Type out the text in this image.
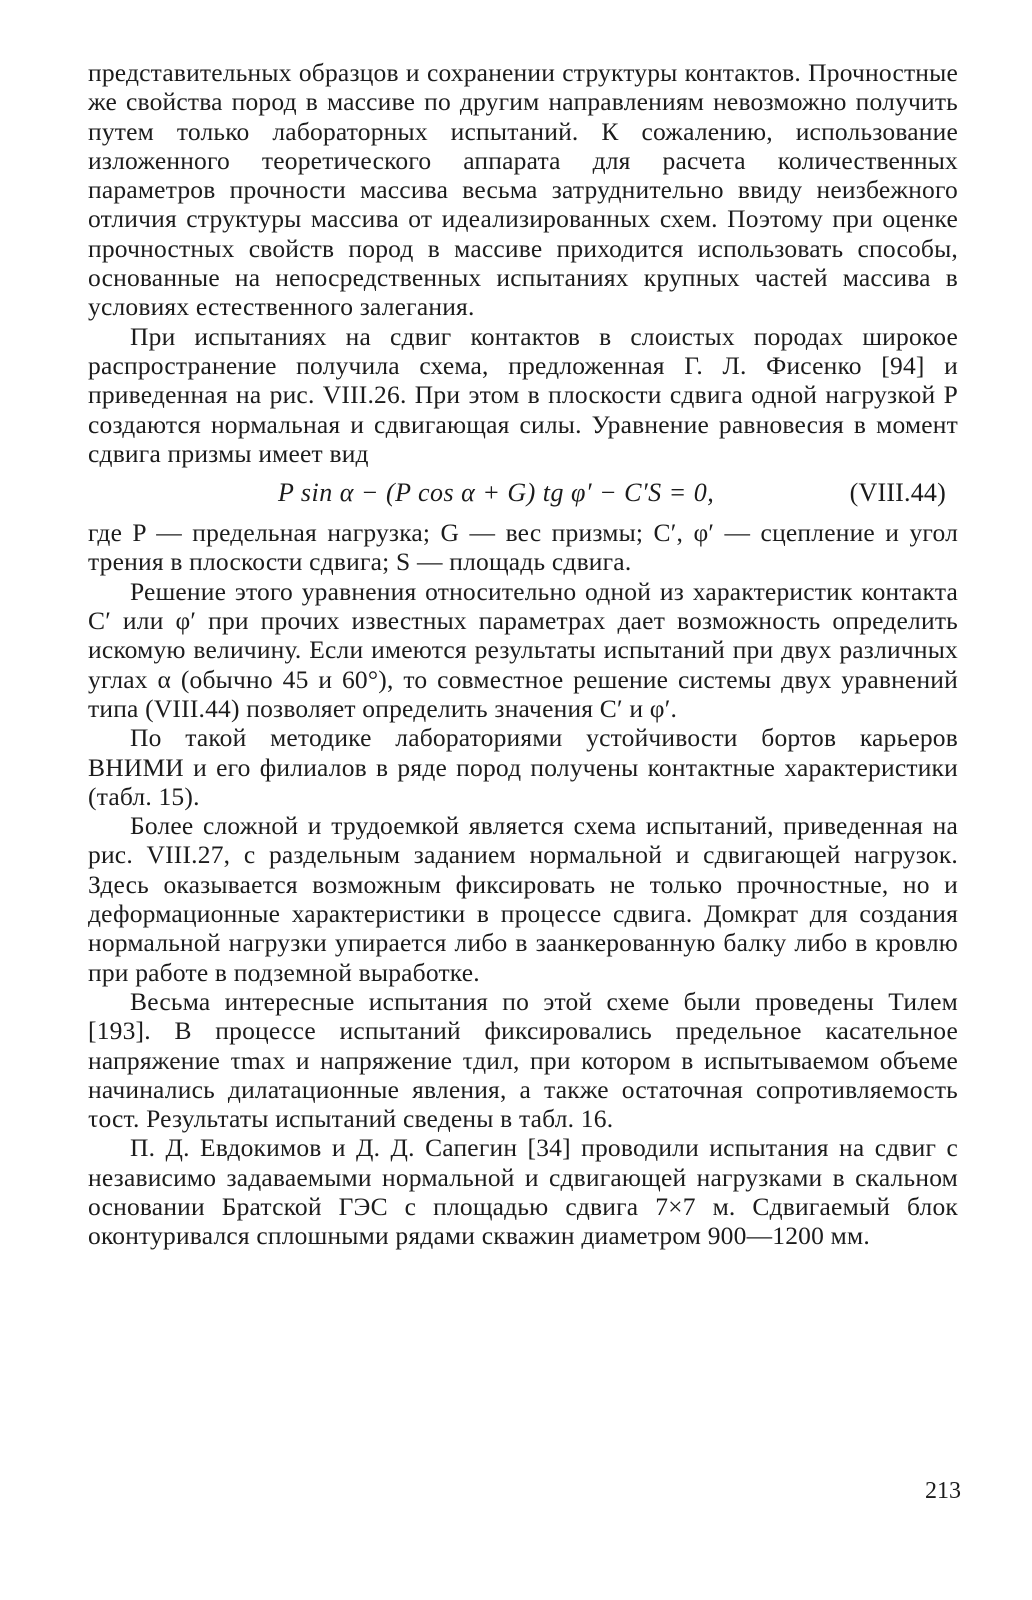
представительных образцов и сохранении структуры контактов. Прочностные же свойства пород в массиве по другим направлениям невозможно получить путем только лабораторных испытаний. К сожалению, использование изложенного теоретического аппарата для расчета количественных параметров прочности массива весьма затруднительно ввиду неизбежного отличия структуры массива от идеализированных схем. Поэтому при оценке прочностных свойств пород в массиве приходится использовать способы, основанные на непосредственных испытаниях крупных частей массива в условиях естественного залегания.

При испытаниях на сдвиг контактов в слоистых породах широкое распространение получила схема, предложенная Г. Л. Фисенко [94] и приведенная на рис. VIII.26. При этом в плоскости сдвига одной нагрузкой P создаются нормальная и сдвигающая силы. Уравнение равновесия в момент сдвига призмы имеет вид

P sin α − (P cos α + G) tg φ′ − C′S = 0,	(VIII.44)

где P — предельная нагрузка; G — вес призмы; C′, φ′ — сцепление и угол трения в плоскости сдвига; S — площадь сдвига.

Решение этого уравнения относительно одной из характеристик контакта C′ или φ′ при прочих известных параметрах дает возможность определить искомую величину. Если имеются результаты испытаний при двух различных углах α (обычно 45 и 60°), то совместное решение системы двух уравнений типа (VIII.44) позволяет определить значения C′ и φ′.

По такой методике лабораториями устойчивости бортов карьеров ВНИМИ и его филиалов в ряде пород получены контактные характеристики (табл. 15).

Более сложной и трудоемкой является схема испытаний, приведенная на рис. VIII.27, с раздельным заданием нормальной и сдвигающей нагрузок. Здесь оказывается возможным фиксировать не только прочностные, но и деформационные характеристики в процессе сдвига. Домкрат для создания нормальной нагрузки упирается либо в заанкерованную балку либо в кровлю при работе в подземной выработке.

Весьма интересные испытания по этой схеме были проведены Тилем [193]. В процессе испытаний фиксировались предельное касательное напряжение τmax и напряжение τдил, при котором в испытываемом объеме начинались дилатационные явления, а также остаточная сопротивляемость τост. Результаты испытаний сведены в табл. 16.

П. Д. Евдокимов и Д. Д. Сапегин [34] проводили испытания на сдвиг с независимо задаваемыми нормальной и сдвигающей нагрузками в скальном основании Братской ГЭС с площадью сдвига 7×7 м. Сдвигаемый блок оконтуривался сплошными рядами скважин диаметром 900—1200 мм.

213
